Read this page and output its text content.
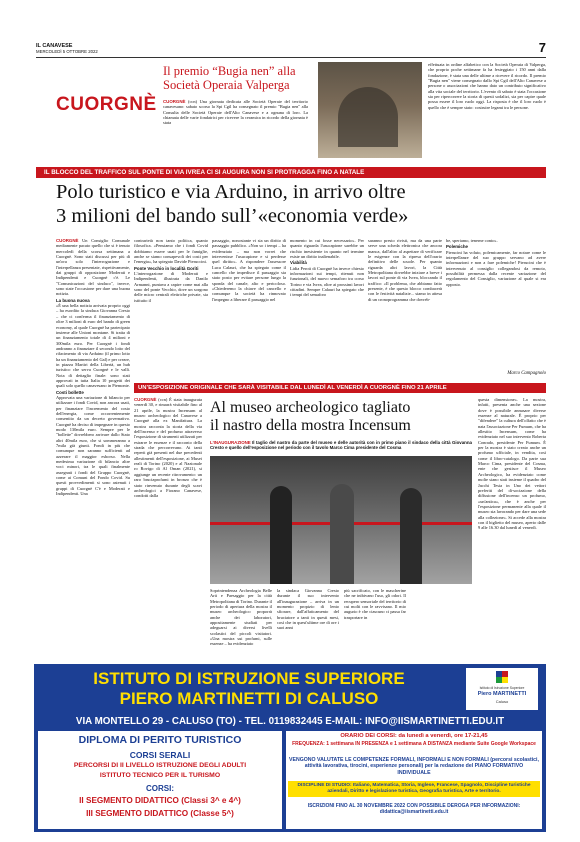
IL CANAVESE
MERCOLEDÌ 5 OTTOBRE 2022	7
CUORGNÈ
Il premio “Bugia nen” alla Società Operaia Valperga
CUORGNÈ (ccn) Una giornata dedicata alle Società Operaie del territorio canavesano: sabato scorso la Spi Cgil ha consegnato il premio "Bugia nen" alla Consulta delle Società Operaie dell'Alto Canavese e a ognuna di loro. La chiamata delle varie fondatrici per ricevere la ceramica in ricordo della giornata è stata
effettuata in ordine alfabetico con la Società Operaia di Valperga, che proprio poche settimane fa ha festeggiato i 150 anni dalla fondazione, è stata una delle ultime a ricevere il ricordo. Il premio "Bugia nen" viene consegnato dallo Spi Cgil dell'Alto Canavese a persone o associazioni che hanno dato un contributo significativo alla vita sociale del territorio. L'evento di sabato è stata l'occasione sia per ripercorrere la storia di questi sodalizi, sia per capire quale possa essere il loro ruolo oggi. La risposta è che il loro ruolo è quello che è sempre stato: costruire legami tra le persone.
IL BLOCCO DEL TRAFFICO SUL PONTE DI VIA IVREA CI SI AUGURA NON SI PROTRAGGA FINO A NATALE
Polo turistico e via Arduino, in arrivo oltre
3 milioni del bando sull’«economia verde»
CUORGNÈ Un Consiglio Comunale mediamente pacato quello che si è tenuto mercoledì della scorsa settimana a Cuorgnè. Sono stati discussi per più di un'ora solo l'interrogazione e l'interpellanza presentate, rispettivamente, dai gruppi di opposizione Moderati e Indipendenti e Cuorgnè c'è. Le "Comunicazioni del sindaco", invece, sono state l'occasione per dare una buona notizia.
La buona nuova
«È una bella notizia arrivata proprio oggi – ha esordito la sindaca Giovanna Cresto – che ci conferma il finanziamento di oltre 3 milioni di euro del bando di green economy, al quale Cuorgnè ha partecipato insieme alle Unioni montane. Si tratta di un finanziamento totale di 4 milioni e 300mila euro. Per Cuorgnè i fondi andranno a finanziare il secondo lotto del rifacimento di via Arduino (il primo lotto ha un finanziamento del Gal) e per creare, in piazza Martiri della Libertà, un hub turistico che serva Cuorgnè e le valli. Nota di dettaglio finale: sono stati approvati in tutta Italia 10 progetti dei quali solo quello canavesano in Piemonte.
Costi bollette
Approvata una variazione di bilancio per utilizzare i fondi Covid, non ancora usati, per finanziare l'incremento del costo dell'energia, come occorrentemente consentito da un decreto governativo. Cuorgnè ha deciso di impegnare in questo modo 130mila euro. Sempre per le "bollette" dovrebbero arrivare dallo Stato altri 40mila euro, che si sommeranno a 7mila già giunti. Fondi in più che comunque non saranno sufficienti ad azzerare il maggior esborso. Nella medesima variazione di bilancio altre voci minori, tra le quali finalmente assegnati i fondi del Gruppo Cuorgnè, come ai Comuni del Fondo Covid. Su questi provvedimenti si sono astenuti i gruppi di Cuorgnè C'è e Moderati e Indipendenti. Una
contrarietà non tanto politica, quanto filosofica. «Pensiamo che i fondi Covid dobbiamo essere usati per le famiglie, anche se siamo consapevoli dei costi per l'energia», ha spiegato Davide Pieruccini.
Ponte Vecchio in località Goriti
L'interrogazione di Moderati e Indipendenti, illustrata da Danilo Armanni, puntava a capire come mai alla sono del ponte Vecchio, dove un sorgono delle micro centrali elettriche private, sia istituito il
passaggio, nonostante vi sia un diritto di passaggio pubblico. «Non so i tempi – ha evidenziato – ma non vorrei che intervenisse l'usucapione e si perdesse quel diritto». A rispondere l'assessore Luca Calauri, che ha spiegato come il cancello che impedisce il passaggio sia stato posto per evitare persone lungo la sponda del canale, alto e pericoloso. «Chiederemo la chiave del cancello e comunque la società ha rinnovato l'impegno a liberare il passaggio nel
momento in cui fosse necessario». Per quanto riguarda l'usucapione sarebbe un rischio inesistente in quanto nel termine esiste un diritto inalienabile.
Viabilità
Lidia Peroti di Cuorgnè ha invece chiesto informazioni sui tempi, ritenuti non funzionali, del nuovo semaforo tra corso Torino e via Ivrea, oltre ai prossimi lavori cittadini. Sempre Calauri ha spiegato che i tempi del semaforo
saranno presto rivisti, ma da una parte serve una scheda elettronica che ancora manca, dall'altro al aspettare di verificare le esigenze con la ripresa dell'orario definitivo delle scuole. Per quanto riguarda altri lavori, la Città Metropolitana dovrebbe iniziare a breve i lavori sul ponte di via Ivrea, bloccando il traffico: «Il problema, che abbiamo fatto presente, è che questo blocco combacerà con le festività natalizie... siamo in attesa di un cronoprogramma che dovreb-
be, speriamo, tenerne conto».
Polemiche
Pierucini ha voluto, polemicamente, far notare come le interpellanze del suo gruppo servano ad avere informazioni e non a fare polemiche! Pierucini che è intervenuto al consiglio collegandosi da remoto, possibilità permessa dalla recente variazione del regolamento del Consiglio, variazione al quale si era opposto.
Marco Campagnolo
UN’ESPOSIZIONE ORIGINALE CHE SARÀ VISITABILE DAL LUNEDÌ AL VENERDÌ A CUORGNÈ FINO 21 APRILE
CUORGNÈ (ccn) È stata inaugurata venerdì 30, e rimarrà visitabile fino al 21 aprile, la mostra Incensum al museo archeologico del Canavese a Cuorgnè alla ex Manifattura. La mostra racconta la storia della via dell'incenso e del profumo attraverso l'esposizione di strumenti utilizzati per estrarre le essenze e il racconto della strada che percorrevano. Ai tanti reperti già presenti nel due precedenti allestimenti dell'esposizione, ai Musei reali di Torino (2020) e al Nazionale ro Rovigo di Al Oman (2021), si aggiunge un recente ritrovamento: un raro bruciaprofumi in bronzo che è stato rinvenuto durante degli scavi archeologici a Fiorano Canavese, condotti dalla
Al museo archeologico tagliato
il nastro della mostra Incensum
L’INAUGURAZIONE Il taglio del nastro da parte del museo e delle autorità con in primo piano il sindaco della città Giovanna Cresto e quello dell'esposizione nel periodo con il tavolo Marco Cima presidente del Cosma
Soprintendenza Archeologia Belle Arti e Paesaggio per la città Metropolitana di Torino. Durante il periodo di apertura della mostra il museo archeologico proporrà anche dei laboratori, appositamente studiati per adeguarsi ai diversi livelli scolastici del piccoli visitatori. «Una mostra sui profumi, sulle essenze – ha evidenziato
la sindaca Giovanna Cresto durante il suo intervento all'inaugurazione – arriva in un momento propizio di lento sfiorare, dall'affaticamento del bruciatore a tanti in questi mesi, così che in quest'ultime ore di ore i suoi anni
più sacrificato, con le mascherine che ne inibivano l'uso, gli odori. Il recupero sensoriale del territorio di cui molti con le ravvisano. Il mio augurio è che ciascuno ci passa far trasportare in
questa dimensione». La mostra, infatti, presenta anche una sezione dove è possibile annusare diverse essenze al naturale. È proprio per "difendere" la cultura dell'olfatto che è nata l'associazione Per Fumum, che ha allestito Incensum, come ha evidenziato nel suo intervento Roberta Conrado, presidente Per Fumum. È per la mostra è stato creato anche un profumo ufficiale, in vendita, così come il libro-catalogo. Da parte sua Marco Cima, presidente del Cosma, ente che gestisce il Museo Archeologico, ha evidenziato come molte siano stati insieme il quadro del Jacchi Tesia in Uno dei vettori preferiti del di-sociazione della diffusione dell'incenso un profumo, «un'antica», che è anche per l'esposizione permanente alla quale il museo sta lavorando per dare una sede alla collezione». Si accede alla mostra con il biglietto del museo, aperto dalle 9 alle 16.30 dal lunedì al venerdì.
ISTITUTO DI ISTRUZIONE SUPERIORE
PIERO MARTINETTI DI CALUSO
Istituto di Istruzione Superiore
Piero MARTINETTI
Caluso
VIA MONTELLO 29 - CALUSO (TO) - TEL. 0119832445 E-MAIL: INFO@IISMARTINETTI.EDU.IT
DIPLOMA DI PERITO TURISTICO
CORSI SERALI
PERCORSI DI II LIVELLO ISTRUZIONE DEGLI ADULTI
ISTITUTO TECNICO PER IL TURISMO
CORSI:
II SEGMENTO DIDATTICO (Classi 3^ e 4^)
III SEGMENTO DIDATTICO (Classe 5^)
ORARIO DEI CORSI: da lunedì a venerdì, ore 17-21,45
FREQUENZA: 1 settimana IN PRESENZA e 1 settimana A DISTANZA mediante Suite Google Workspace
VENGONO VALUTATE LE COMPETENZE FORMALI, INFORMALI E NON FORMALI (percorsi scolastici, attività lavorativa, tirocini, esperienze personali) per la redazione del PIANO FORMATIVO INDIVIDUALE
DISCIPLINE DI STUDIO: Italiano, Matematica, Storia, Inglese, Francese, Spagnolo, Discipline turistiche aziendali, Diritto e legislazione turistica, Geografia turistica, Arte e territorio.
ISCRIZIONI FINO AL 30 NOVEMBRE 2022 CON POSSIBILE DEROGA PER INFORMAZIONI: didattica@iismartinetti.edu.it
